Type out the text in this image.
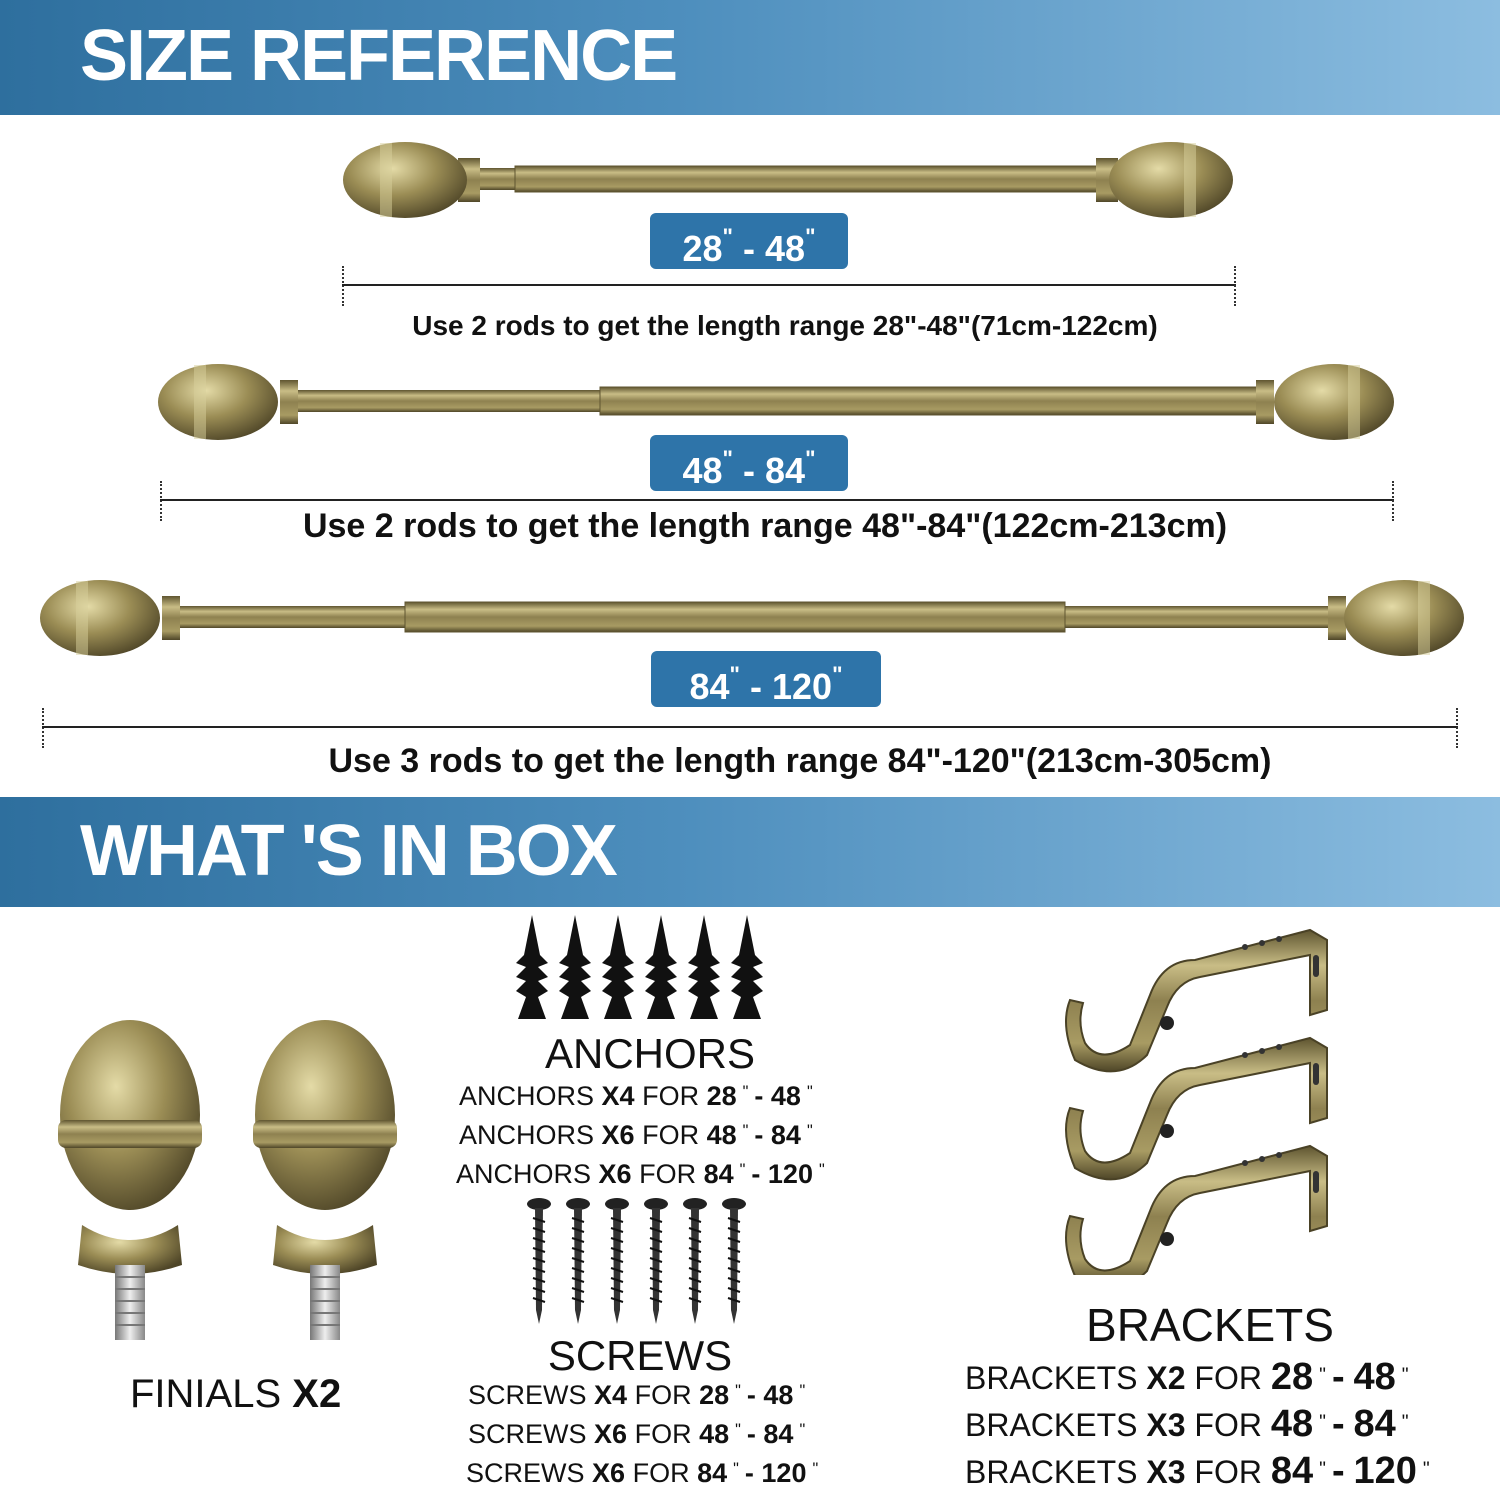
SIZE REFERENCE
28" - 48"
Use 2 rods to get the length range 28"-48"(71cm-122cm)
48" - 84"
Use 2 rods to get the length range 48"-84"(122cm-213cm)
84" - 120"
Use 3 rods to get the length range 84"-120"(213cm-305cm)
WHAT 'S IN BOX
FINIALS X2
ANCHORS
ANCHORS X4 FOR 28 " - 48 "
ANCHORS X6 FOR 48 " - 84 "
ANCHORS X6 FOR 84 " - 120 "
SCREWS
SCREWS X4 FOR 28 " - 48 "
SCREWS X6 FOR 48 " - 84 "
SCREWS X6 FOR 84 " - 120 "
BRACKETS
BRACKETS X2 FOR 28 " - 48 "
BRACKETS X3 FOR 48 " - 84 "
BRACKETS X3 FOR 84 " - 120 "
